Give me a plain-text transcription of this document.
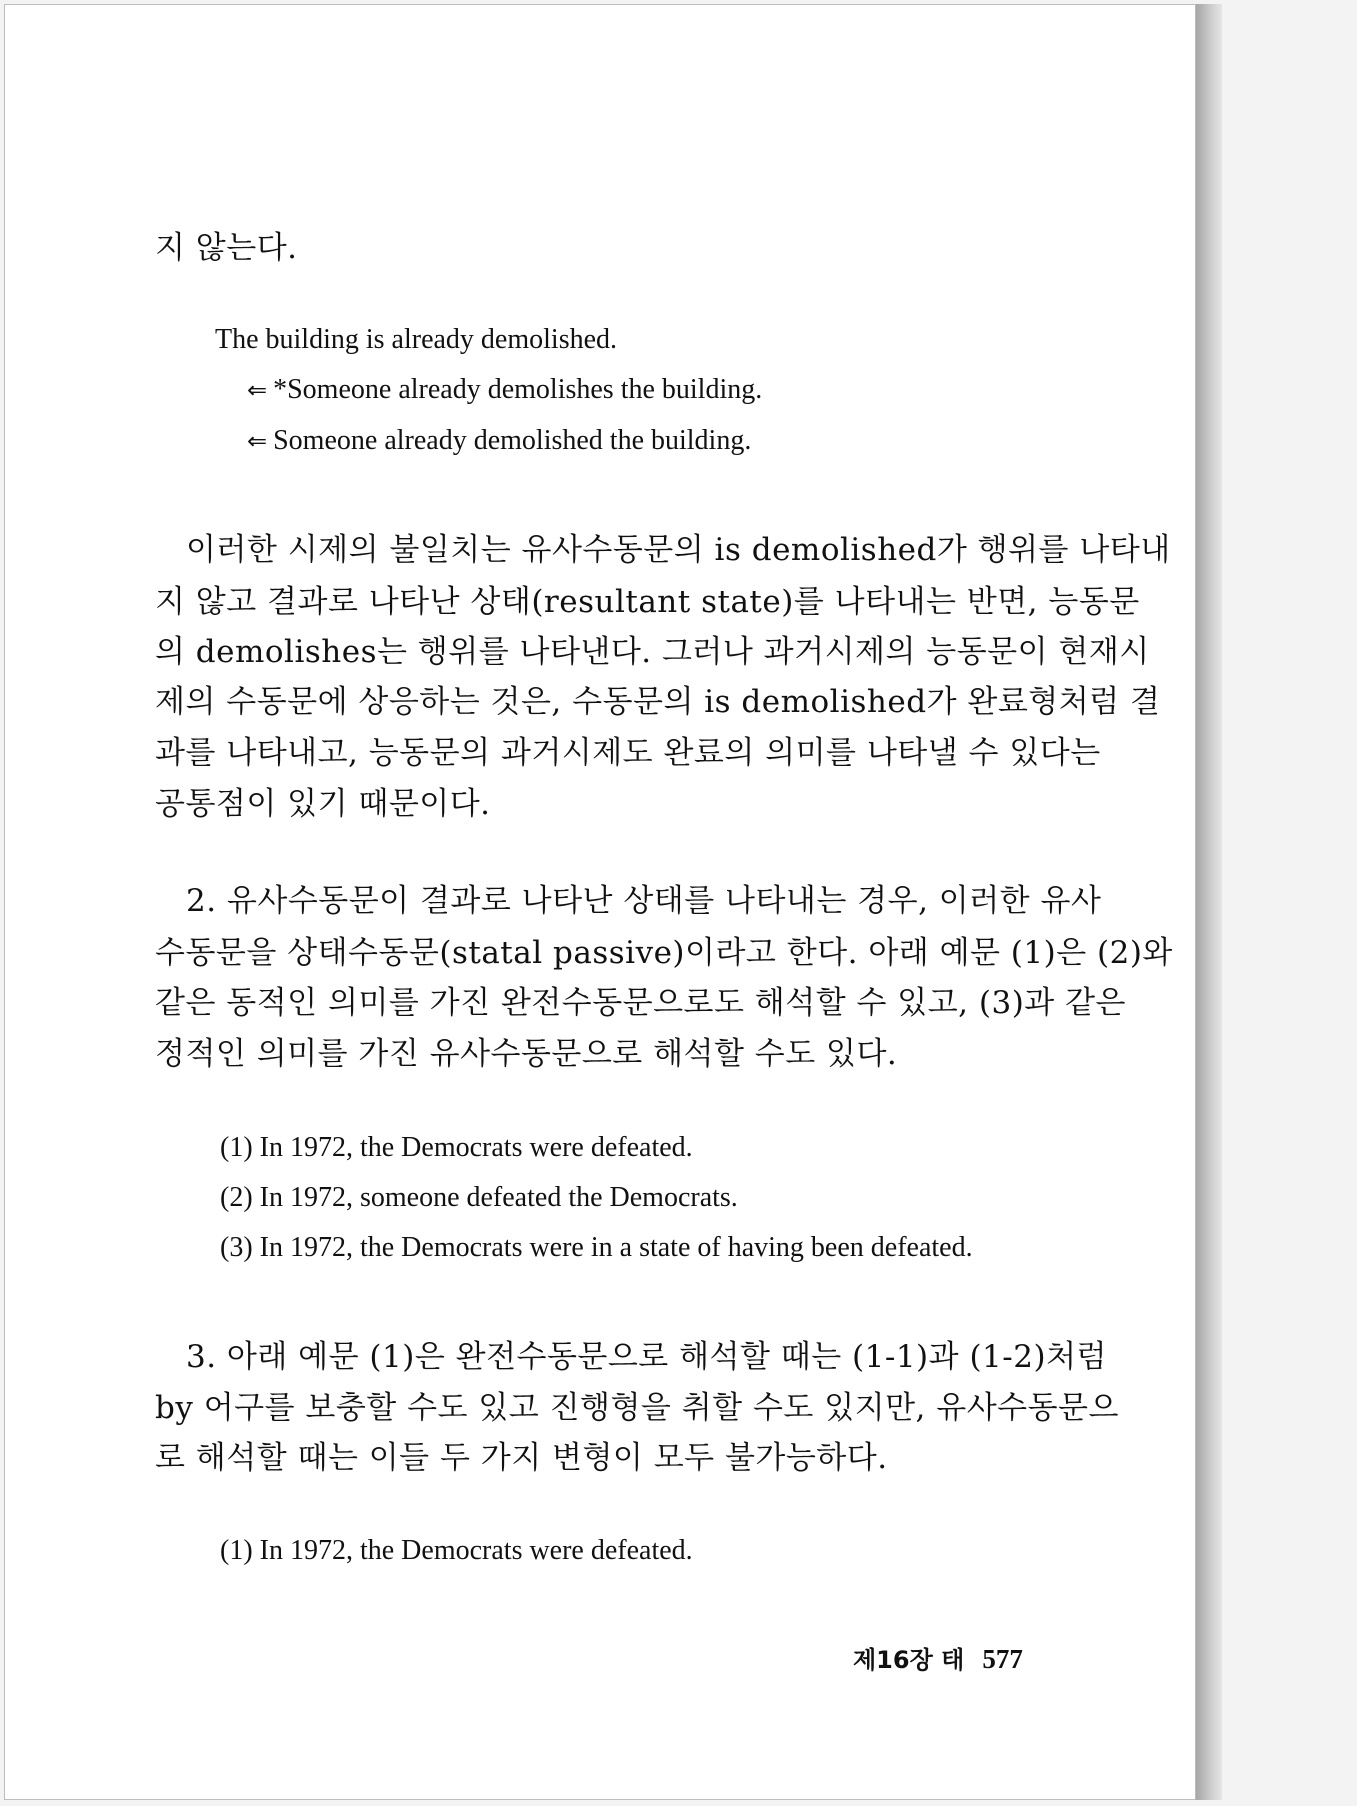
지 않는다.
The building is already demolished.
⇐ *Someone already demolishes the building.
⇐ Someone already demolished the building.
이러한 시제의 불일치는 유사수동문의 is demolished가 행위를 나타내
지 않고 결과로 나타난 상태(resultant state)를 나타내는 반면, 능동문
의 demolishes는 행위를 나타낸다. 그러나 과거시제의 능동문이 현재시
제의 수동문에 상응하는 것은, 수동문의 is demolished가 완료형처럼 결
과를 나타내고, 능동문의 과거시제도 완료의 의미를 나타낼 수 있다는
공통점이 있기 때문이다.
2. 유사수동문이 결과로 나타난 상태를 나타내는 경우, 이러한 유사
수동문을 상태수동문(statal passive)이라고 한다. 아래 예문 (1)은 (2)와
같은 동적인 의미를 가진 완전수동문으로도 해석할 수 있고, (3)과 같은
정적인 의미를 가진 유사수동문으로 해석할 수도 있다.
(1) In 1972, the Democrats were defeated.
(2) In 1972, someone defeated the Democrats.
(3) In 1972, the Democrats were in a state of having been defeated.
3. 아래 예문 (1)은 완전수동문으로 해석할 때는 (1-1)과 (1-2)처럼
by 어구를 보충할 수도 있고 진행형을 취할 수도 있지만, 유사수동문으
로 해석할 때는 이들 두 가지 변형이 모두 불가능하다.
(1) In 1972, the Democrats were defeated.
제16장 태 577
